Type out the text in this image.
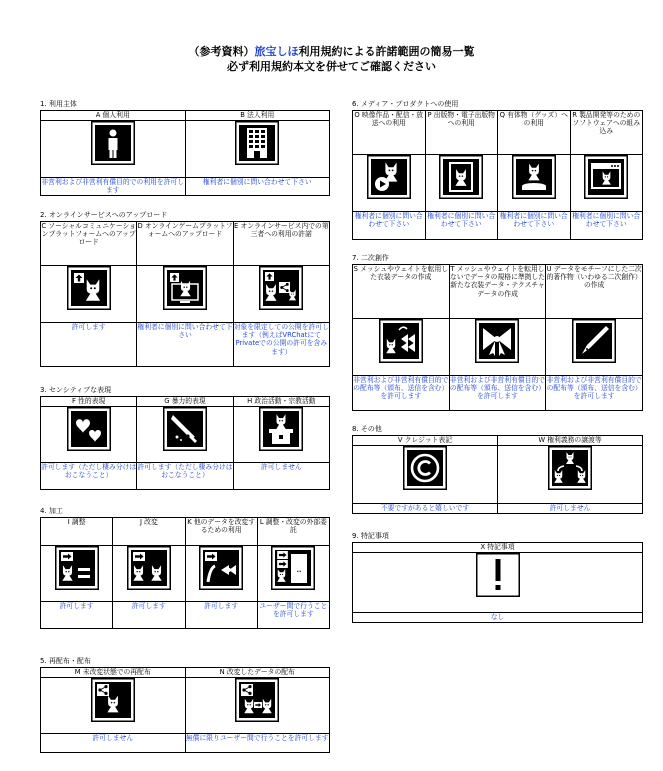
（参考資料）旅宝しほ利用規約による許諾範囲の簡易一覧
必ず利用規約本文を併せてご確認ください
1. 利用主体
A 個人利用	B 法人利用

非営利および非営利有償目的での利用を許可します	権利者に個別に問い合わせて下さい
2. オンラインサービスへのアップロード
C ソーシャルコミュニケーションプラットフォームへのアップロード	D オンラインゲームプラットフォームへのアップロード	E オンラインサービス内での第三者への利用の許諾

許可します	権利者に個別に問い合わせて下さい	対象を限定しての公開を許可します（例えばVRChatにてPrivateでの公開の許可を含みます）
3. センシティブな表現
F 性的表現	G 暴力的表現	H 政治活動・宗教活動

許可します（ただし棲み分けはおこなうこと）	許可します（ただし棲み分けはおこなうこと）	許可しません
4. 加工
I 調整	J 改変	K 他のデータを改変するための利用	L 調整・改変の外部委託

許可します	許可します	許可します	ユーザー間で行うことを許可します
5. 再配布・配布
M 未改変状態での再配布	N 改変したデータの配布

許可しません	無償に限りユーザー間で行うことを許可します
6. メディア・プロダクトへの使用
O 映像作品・配信・放送への利用	P 出版物・電子出版物への利用	Q 有体物（グッズ）への利用	R 製品開発等のためのソフトウェアへの組み込み

権利者に個別に問い合わせて下さい	権利者に個別に問い合わせて下さい	権利者に個別に問い合わせて下さい	権利者に個別に問い合わせて下さい
7. 二次創作
S メッシュやウェイトを転用した衣装データの作成	T メッシュやウェイトを転用しないでデータの規格に準拠した新たな衣装データ・テクスチャデータの作成	U データをモチーフにした二次的著作物（いわゆる二次創作）の作成

非営利および非営利有償目的での配布等（頒布、送信を含む）を許可します	非営利および非営利有償目的での配布等（頒布、送信を含む）を許可します	非営利および非営利有償目的での配布等（頒布、送信を含む）を許可します
8. その他
V クレジット表記	W 権利義務の譲渡等

不要ですがあると嬉しいです	許可しません
9. 特記事項
X 特記事項

なし
